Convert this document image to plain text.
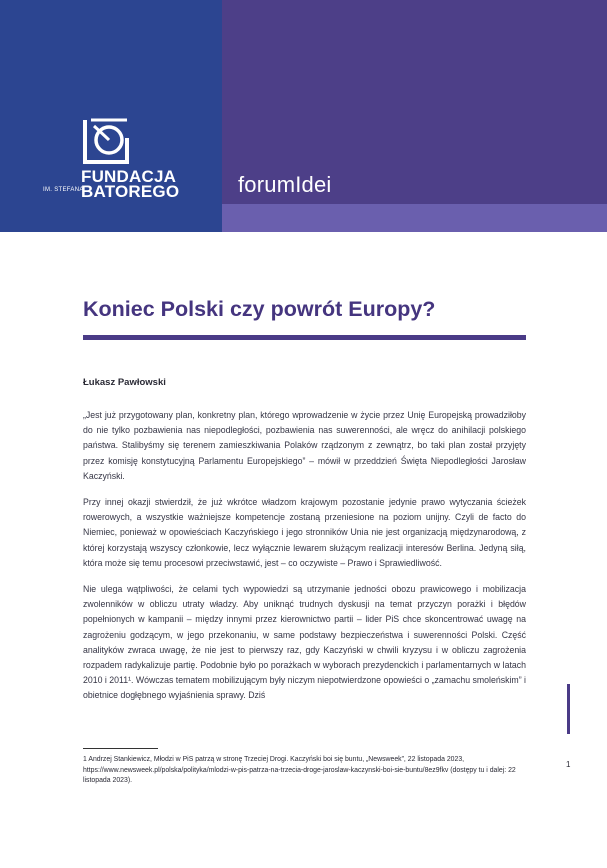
IM. STEFANA
FUNDACJA
BATOREGO	forumIdei
Koniec Polski czy powrót Europy?
Łukasz Pawłowski

„Jest już przygotowany plan, konkretny plan, którego wprowadzenie w życie przez Unię Europejską prowadziłoby do nie tylko pozbawienia nas niepodległości, pozbawienia nas suwerenności, ale wręcz do anihilacji polskiego państwa. Stalibyśmy się terenem zamieszkiwania Polaków rządzonym z zewnątrz, bo taki plan został przyjęty przez komisję konstytucyjną Parlamentu Europejskiego” – mówił w przeddzień Święta Niepodległości Jarosław Kaczyński.

Przy innej okazji stwierdził, że już wkrótce władzom krajowym pozostanie jedynie prawo wytyczania ścieżek rowerowych, a wszystkie ważniejsze kompetencje zostaną przeniesione na poziom unijny. Czyli de facto do Niemiec, ponieważ w opowieściach Kaczyńskiego i jego stronników Unia nie jest organizacją międzynarodową, z której korzystają wszyscy członkowie, lecz wyłącznie lewarem służącym realizacji interesów Berlina. Jedyną siłą, która może się temu procesowi przeciwstawić, jest – co oczywiste – Prawo i Sprawiedliwość.

Nie ulega wątpliwości, że celami tych wypowiedzi są utrzymanie jedności obozu prawicowego i mobilizacja zwolenników w obliczu utraty władzy. Aby uniknąć trudnych dyskusji na temat przyczyn porażki i błędów popełnionych w kampanii – między innymi przez kierownictwo partii – lider PiS chce skoncentrować uwagę na zagrożeniu godzącym, w jego przekonaniu, w same podstawy bezpieczeństwa i suwerenności Polski. Część analityków zwraca uwagę, że nie jest to pierwszy raz, gdy Kaczyński w chwili kryzysu i w obliczu zagrożenia rozpadem radykalizuje partię. Podobnie było po porażkach w wyborach prezydenckich i parlamentarnych w latach 2010 i 2011¹. Wówczas tematem mobilizującym były niczym niepotwierdzone opowieści o „zamachu smoleńskim” i obietnice dogłębnego wyjaśnienia sprawy. Dziś

1 Andrzej Stankiewicz, Młodzi w PiS patrzą w stronę Trzeciej Drogi. Kaczyński boi się buntu, „Newsweek”, 22 listopada 2023, https://www.newsweek.pl/polska/polityka/mlodzi-w-pis-patrza-na-trzecia-droge-jaroslaw-kaczynski-boi-sie-buntu/8ez9fkv (dostępy tu i dalej: 22 listopada 2023).
1
